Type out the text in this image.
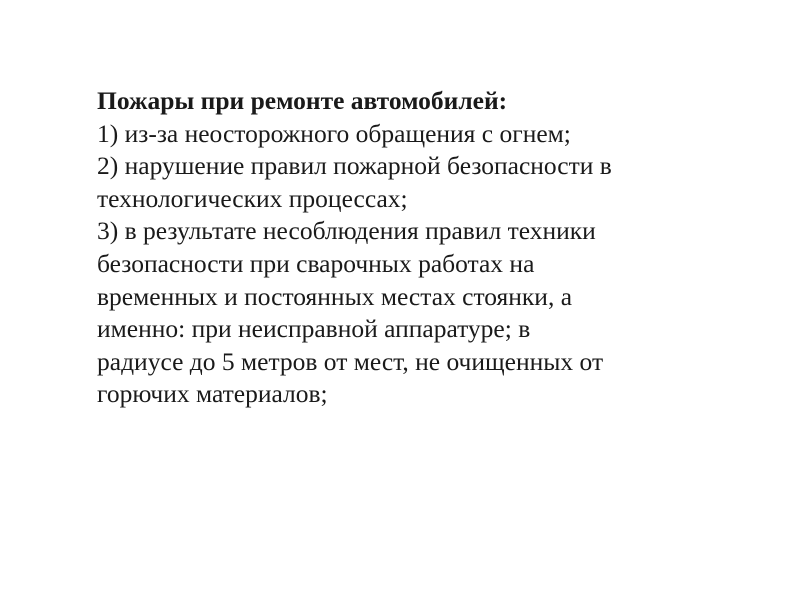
Пожары при ремонте автомобилей:
1) из-за неосторожного обращения с огнем;
2) нарушение правил пожарной безопасности в
технологических процессах;
3) в результате несоблюдения правил техники
безопасности при сварочных работах на
временных и постоянных местах стоянки, а
именно: при неисправной аппаратуре; в
радиусе до 5 метров от мест, не очищенных от
горючих материалов;
